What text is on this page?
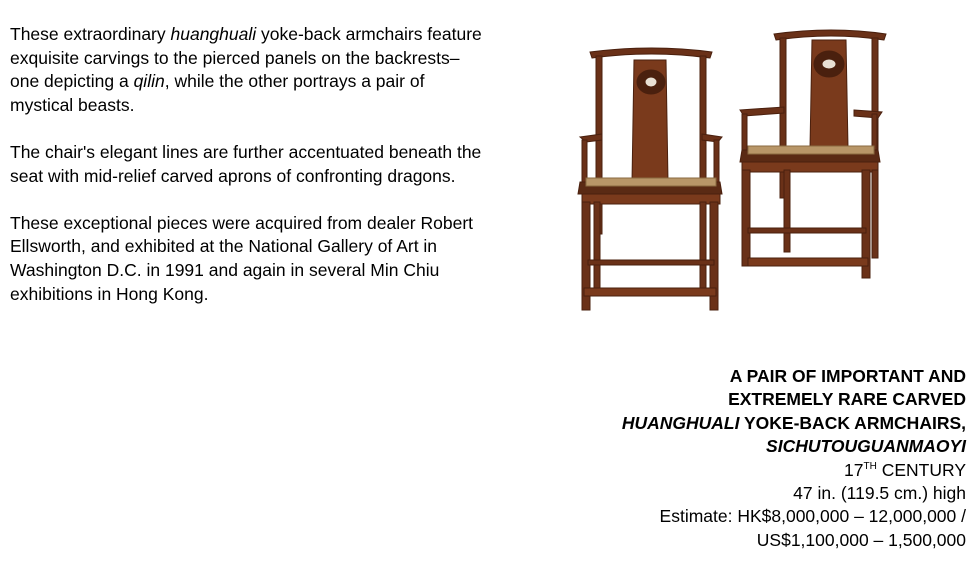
These extraordinary huanghuali yoke-back armchairs feature exquisite carvings to the pierced panels on the backrests– one depicting a qilin, while the other portrays a pair of mystical beasts.

The chair's elegant lines are further accentuated beneath the seat with mid-relief carved aprons of confronting dragons.

These exceptional pieces were acquired from dealer Robert Ellsworth, and exhibited at the National Gallery of Art in Washington D.C. in 1991 and again in several Min Chiu exhibitions in Hong Kong.

A PAIR OF IMPORTANT AND
EXTREMELY RARE CARVED
HUANGHUALI YOKE-BACK ARMCHAIRS,
SICHUTOUGUANMAOYI
17TH CENTURY
47 in. (119.5 cm.) high
Estimate: HK$8,000,000 – 12,000,000 /
US$1,100,000 – 1,500,000
